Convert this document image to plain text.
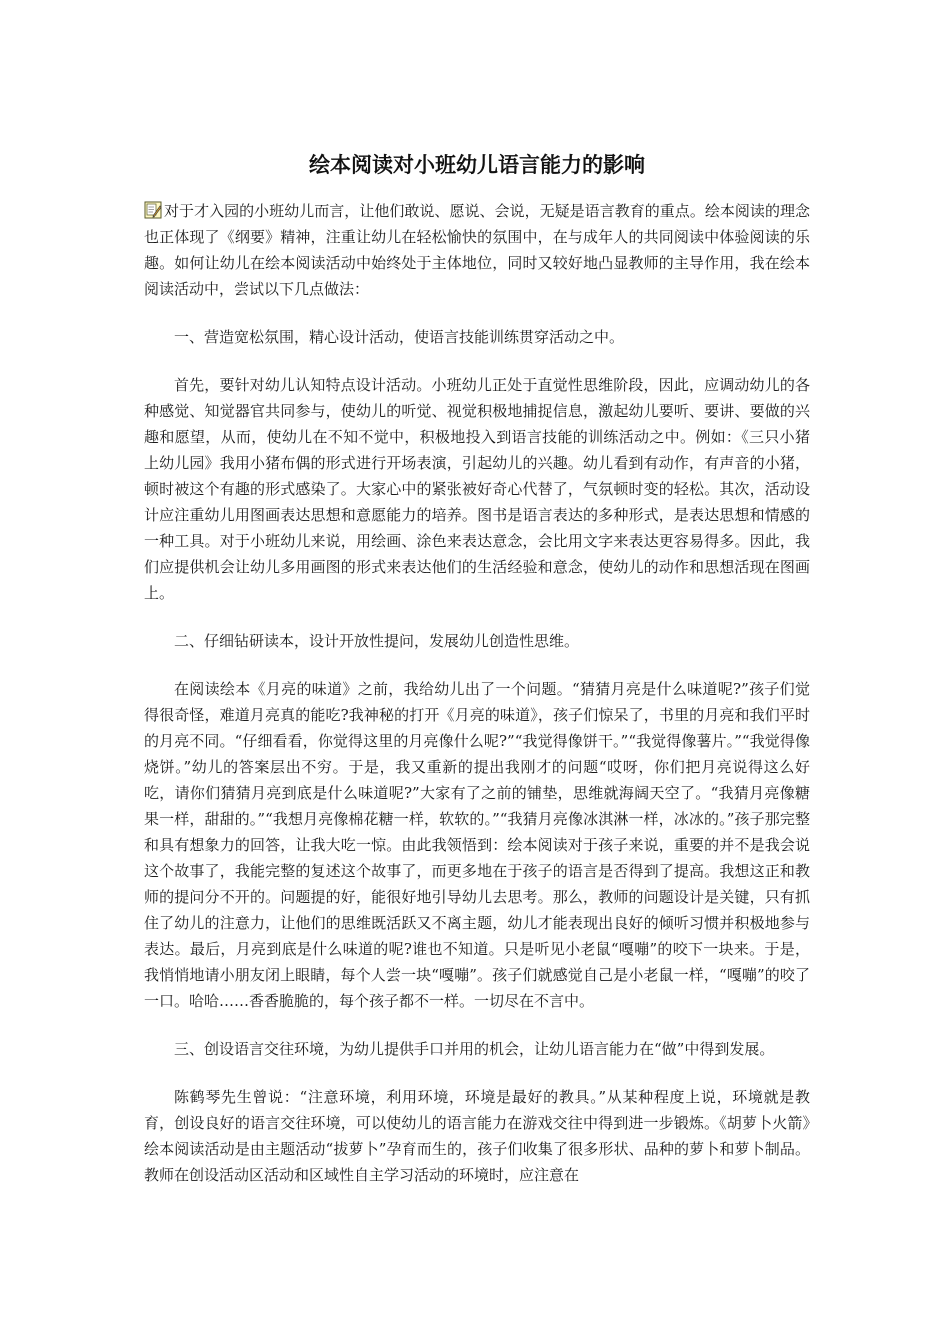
绘本阅读对小班幼儿语言能力的影响

对于才入园的小班幼儿而言，让他们敢说、愿说、会说，无疑是语言教育的重点。绘本阅读的理念也正体现了《纲要》精神，注重让幼儿在轻松愉快的氛围中，在与成年人的共同阅读中体验阅读的乐趣。如何让幼儿在绘本阅读活动中始终处于主体地位，同时又较好地凸显教师的主导作用，我在绘本阅读活动中，尝试以下几点做法：

一、营造宽松氛围，精心设计活动，使语言技能训练贯穿活动之中。

首先，要针对幼儿认知特点设计活动。小班幼儿正处于直觉性思维阶段，因此，应调动幼儿的各种感觉、知觉器官共同参与，使幼儿的听觉、视觉积极地捕捉信息，激起幼儿要听、要讲、要做的兴趣和愿望，从而，使幼儿在不知不觉中，积极地投入到语言技能的训练活动之中。例如：《三只小猪上幼儿园》我用小猪布偶的形式进行开场表演，引起幼儿的兴趣。幼儿看到有动作，有声音的小猪，顿时被这个有趣的形式感染了。大家心中的紧张被好奇心代替了，气氛顿时变的轻松。其次，活动设计应注重幼儿用图画表达思想和意愿能力的培养。图书是语言表达的多种形式，是表达思想和情感的一种工具。对于小班幼儿来说，用绘画、涂色来表达意念，会比用文字来表达更容易得多。因此，我们应提供机会让幼儿多用画图的形式来表达他们的生活经验和意念，使幼儿的动作和思想活现在图画上。

二、仔细钻研读本，设计开放性提问，发展幼儿创造性思维。

在阅读绘本《月亮的味道》之前，我给幼儿出了一个问题。“猜猜月亮是什么味道呢?”孩子们觉得很奇怪，难道月亮真的能吃?我神秘的打开《月亮的味道》，孩子们惊呆了，书里的月亮和我们平时的月亮不同。“仔细看看，你觉得这里的月亮像什么呢?”“我觉得像饼干。”“我觉得像薯片。”“我觉得像烧饼。”幼儿的答案层出不穷。于是，我又重新的提出我刚才的问题“哎呀，你们把月亮说得这么好吃，请你们猜猜月亮到底是什么味道呢?”大家有了之前的铺垫，思维就海阔天空了。“我猜月亮像糖果一样，甜甜的。”“我想月亮像棉花糖一样，软软的。”“我猜月亮像冰淇淋一样，冰冰的。”孩子那完整和具有想象力的回答，让我大吃一惊。由此我领悟到：绘本阅读对于孩子来说，重要的并不是我会说这个故事了，我能完整的复述这个故事了，而更多地在于孩子的语言是否得到了提高。我想这正和教师的提问分不开的。问题提的好，能很好地引导幼儿去思考。那么，教师的问题设计是关键，只有抓住了幼儿的注意力，让他们的思维既活跃又不离主题，幼儿才能表现出良好的倾听习惯并积极地参与表达。最后，月亮到底是什么味道的呢?谁也不知道。只是听见小老鼠“嘎嘣”的咬下一块来。于是，我悄悄地请小朋友闭上眼睛，每个人尝一块“嘎嘣”。孩子们就感觉自己是小老鼠一样，“嘎嘣”的咬了一口。哈哈……香香脆脆的，每个孩子都不一样。一切尽在不言中。

三、创设语言交往环境，为幼儿提供手口并用的机会，让幼儿语言能力在“做”中得到发展。

陈鹤琴先生曾说：“注意环境，利用环境，环境是最好的教具。”从某种程度上说，环境就是教育，创设良好的语言交往环境，可以使幼儿的语言能力在游戏交往中得到进一步锻炼。《胡萝卜火箭》绘本阅读活动是由主题活动“拔萝卜”孕育而生的，孩子们收集了很多形状、品种的萝卜和萝卜制品。教师在创设活动区活动和区域性自主学习活动的环境时，应注意在
